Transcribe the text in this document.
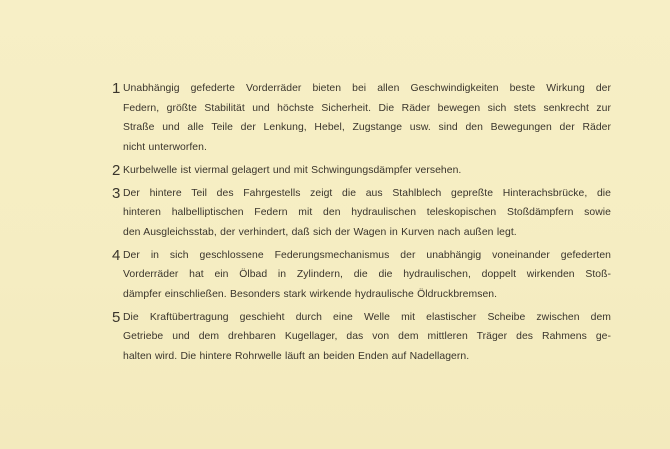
1 Unabhängig gefederte Vorderräder bieten bei allen Geschwindigkeiten beste Wirkung der
Federn, größte Stabilität und höchste Sicherheit. Die Räder bewegen sich stets senkrecht zur
Straße und alle Teile der Lenkung, Hebel, Zugstange usw. sind den Bewegungen der Räder
nicht unterworfen.
2 Kurbelwelle ist viermal gelagert und mit Schwingungsdämpfer versehen.
3 Der hintere Teil des Fahrgestells zeigt die aus Stahlblech gepreßte Hinterachsbrücke, die
hinteren halbelliptischen Federn mit den hydraulischen teleskopischen Stoßdämpfern sowie
den Ausgleichsstab, der verhindert, daß sich der Wagen in Kurven nach außen legt.
4 Der in sich geschlossene Federungsmechanismus der unabhängig voneinander gefederten
Vorderräder hat ein Ölbad in Zylindern, die die hydraulischen, doppelt wirkenden Stoß-
dämpfer einschließen. Besonders stark wirkende hydraulische Öldruckbremsen.
5 Die Kraftübertragung geschieht durch eine Welle mit elastischer Scheibe zwischen dem
Getriebe und dem drehbaren Kugellager, das von dem mittleren Träger des Rahmens ge-
halten wird. Die hintere Rohrwelle läuft an beiden Enden auf Nadellagern.
